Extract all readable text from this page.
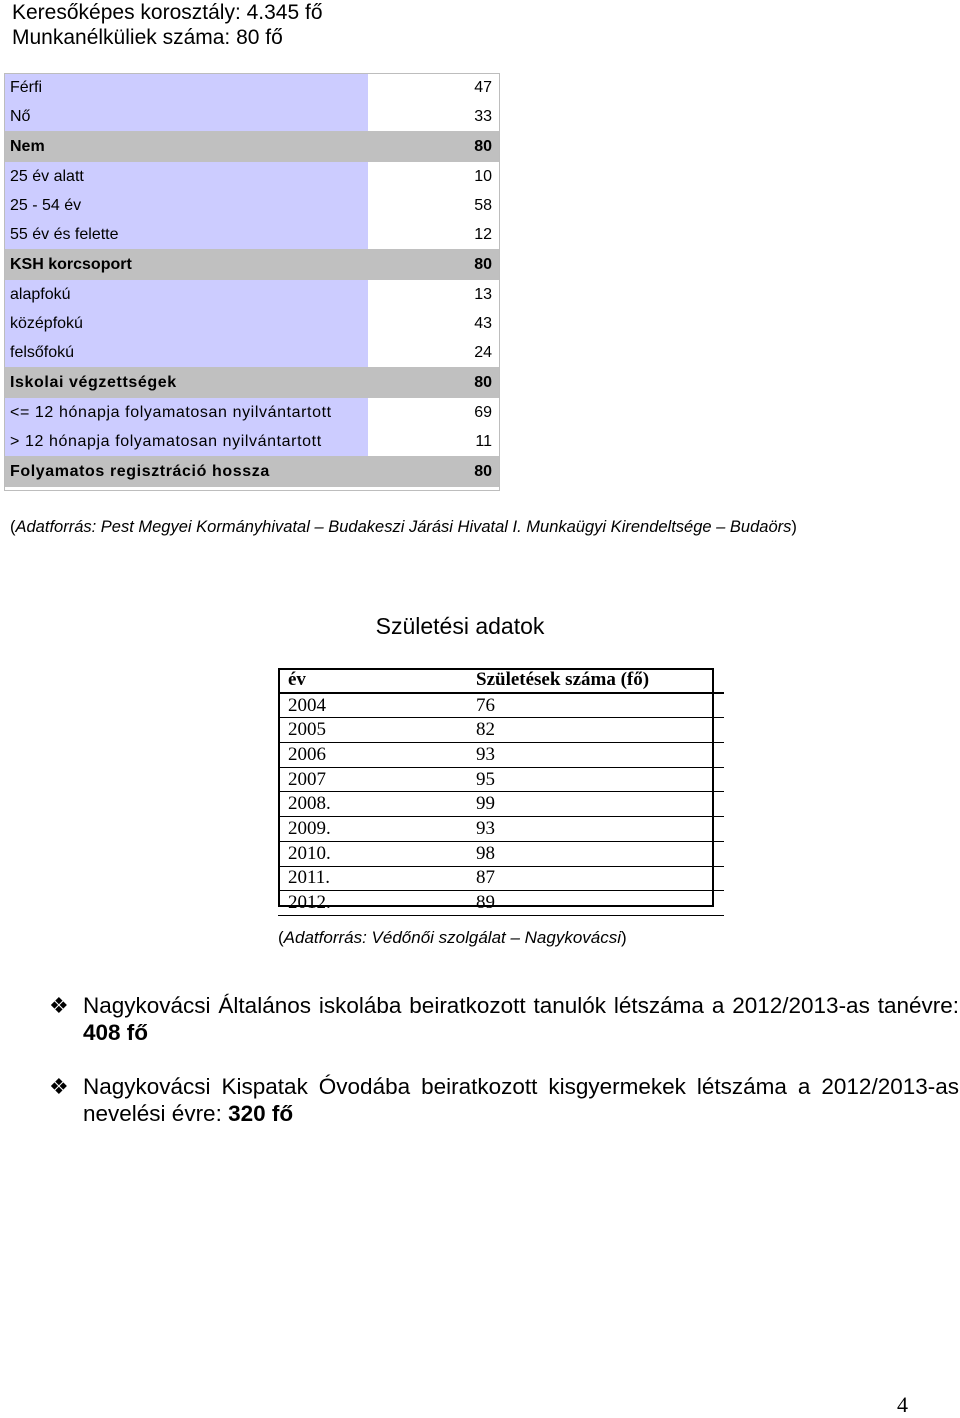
Keresőképes korosztály: 4.345 fő
Munkanélküliek száma: 80 fő
Férfi	47
Nő	33
Nem	80
25 év alatt	10
25 - 54 év	58
55 év és felette	12
KSH korcsoport	80
alapfokú	13
középfokú	43
felsőfokú	24
Iskolai végzettségek	80
<= 12 hónapja folyamatosan nyilvántartott	69
> 12 hónapja folyamatosan nyilvántartott	11
Folyamatos regisztráció hossza	80
(Adatforrás: Pest Megyei Kormányhivatal – Budakeszi Járási Hivatal I. Munkaügyi Kirendeltsége – Budaörs)
Születési adatok
év	Születések száma (fő)
2004	76
2005	82
2006	93
2007	95
2008.	99
2009.	93
2010.	98
2011.	87
2012.	89
(Adatforrás: Védőnői szolgálat – Nagykovácsi)
❖ Nagykovácsi Általános iskolába beiratkozott tanulók létszáma a 2012/2013-as tanévre: 408 fő
❖ Nagykovácsi Kispatak Óvodába beiratkozott kisgyermekek létszáma a 2012/2013-as nevelési évre: 320 fő
4
